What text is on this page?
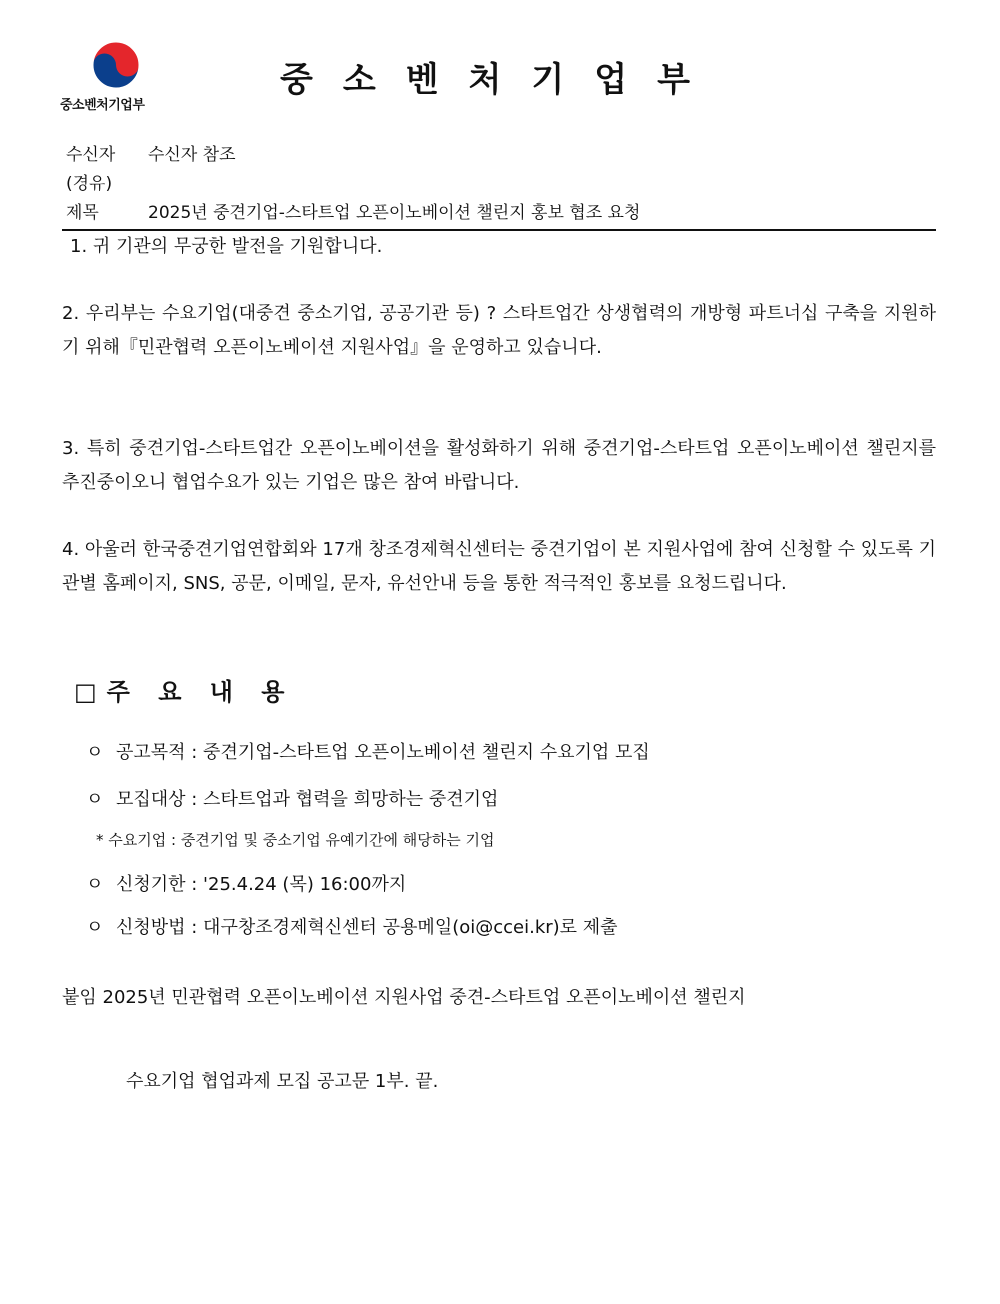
중소벤처기업부
중소벤처기업부
수신자 수신자 참조
(경유)
제목	2025년 중견기업-스타트업 오픈이노베이션 챌린지 홍보 협조 요청
1. 귀 기관의 무궁한 발전을 기원합니다.
2. 우리부는 수요기업(대중견 중소기업, 공공기관 등) ? 스타트업간 상생협력의 개방형 파트너십 구축을 지원하기 위해『민관협력 오픈이노베이션 지원사업』을 운영하고 있습니다.
3. 특히 중견기업-스타트업간 오픈이노베이션을 활성화하기 위해 중견기업-스타트업 오픈이노베이션 챌린지를 추진중이오니 협업수요가 있는 기업은 많은 참여 바랍니다.
4. 아울러 한국중견기업연합회와 17개 창조경제혁신센터는 중견기업이 본 지원사업에 참여 신청할 수 있도록 기관별 홈페이지, SNS, 공문, 이메일, 문자, 유선안내 등을 통한 적극적인 홍보를 요청드립니다.
□주 요 내 용
ㅇ 공고목적 : 중견기업-스타트업 오픈이노베이션 챌린지 수요기업 모집
ㅇ 모집대상 : 스타트업과 협력을 희망하는 중견기업
* 수요기업 : 중견기업 및 중소기업 유예기간에 해당하는 기업
ㅇ 신청기한 : '25.4.24 (목) 16:00까지
ㅇ 신청방법 : 대구창조경제혁신센터 공용메일(oi@ccei.kr)로 제출
붙임 2025년 민관협력 오픈이노베이션 지원사업 중견-스타트업 오픈이노베이션 챌린지
수요기업 협업과제 모집 공고문 1부. 끝.
